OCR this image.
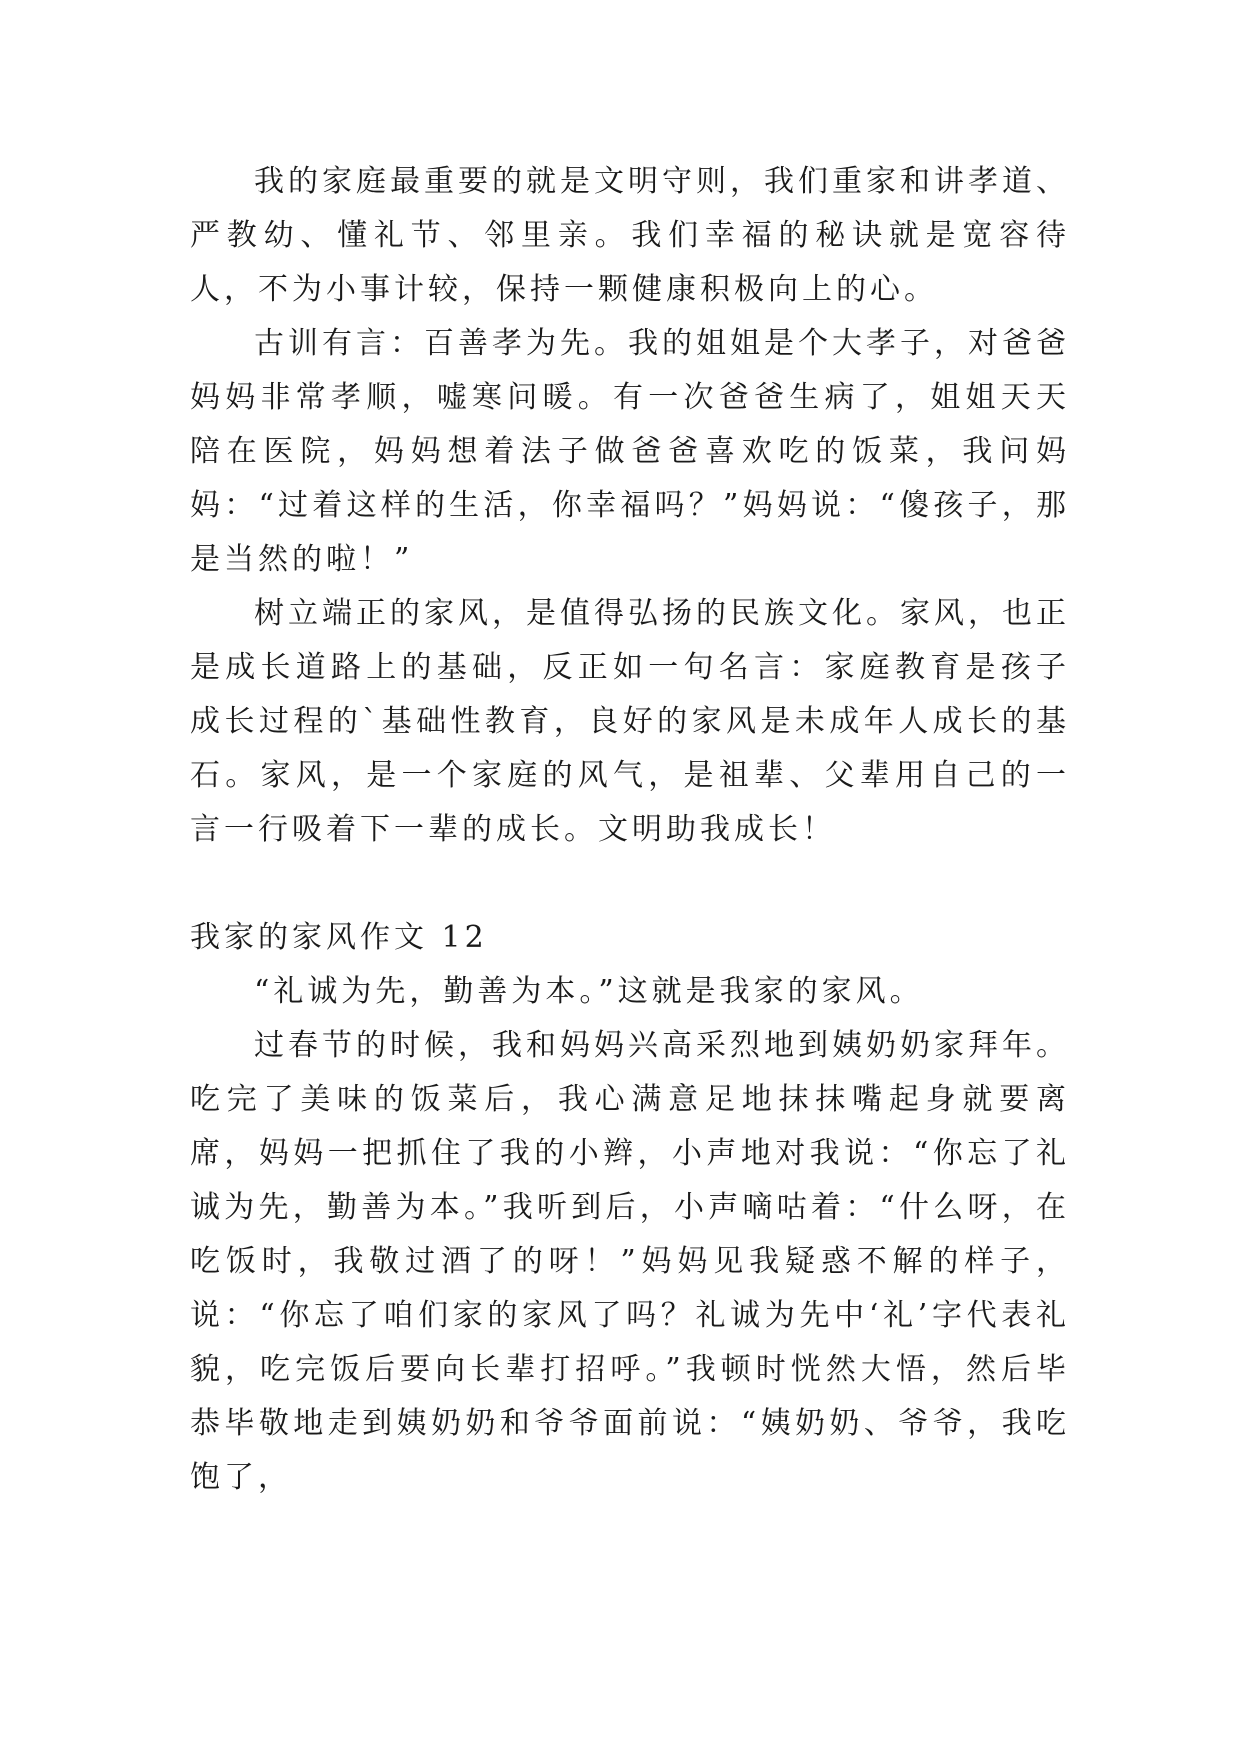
我的家庭最重要的就是文明守则，我们重家和讲孝道、严教幼、懂礼节、邻里亲。我们幸福的秘诀就是宽容待人，不为小事计较，保持一颗健康积极向上的心。

古训有言：百善孝为先。我的姐姐是个大孝子，对爸爸妈妈非常孝顺，嘘寒问暖。有一次爸爸生病了，姐姐天天陪在医院，妈妈想着法子做爸爸喜欢吃的饭菜，我问妈妈：“过着这样的生活，你幸福吗？”妈妈说：“傻孩子，那是当然的啦！”

树立端正的家风，是值得弘扬的民族文化。家风，也正是成长道路上的基础，反正如一句名言：家庭教育是孩子成长过程的`基础性教育，良好的家风是未成年人成长的基石。家风，是一个家庭的风气，是祖辈、父辈用自己的一言一行吸着下一辈的成长。文明助我成长！

我家的家风作文 12

“礼诚为先，勤善为本。”这就是我家的家风。

过春节的时候，我和妈妈兴高采烈地到姨奶奶家拜年。吃完了美味的饭菜后，我心满意足地抹抹嘴起身就要离席，妈妈一把抓住了我的小辫，小声地对我说：“你忘了礼诚为先，勤善为本。”我听到后，小声嘀咕着：“什么呀，在吃饭时，我敬过酒了的呀！”妈妈见我疑惑不解的样子，说：“你忘了咱们家的家风了吗？礼诚为先中‘礼’字代表礼貌，吃完饭后要向长辈打招呼。”我顿时恍然大悟，然后毕恭毕敬地走到姨奶奶和爷爷面前说：“姨奶奶、爷爷，我吃饱了，
